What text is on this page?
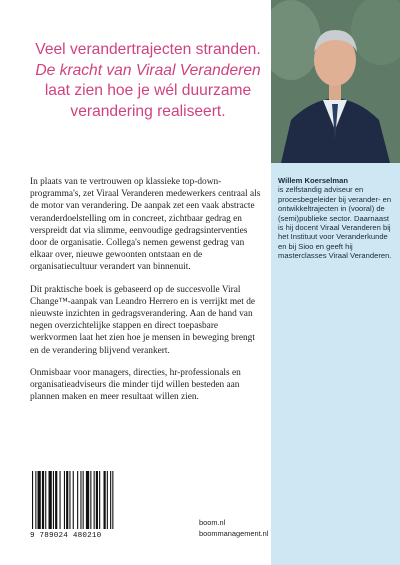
Veel verandertrajecten stranden. De kracht van Viraal Veranderen laat zien hoe je wél duurzame verandering realiseert.

In plaats van te vertrouwen op klassieke top-down-programma's, zet Viraal Veranderen medewerkers centraal als de motor van verandering. De aanpak zet een vaak abstracte veranderdoelstelling om in concreet, zichtbaar gedrag en verspreidt dat via slimme, eenvoudige gedragsinterventies door de organisatie. Collega's nemen gewenst gedrag van elkaar over, nieuwe gewoonten ontstaan en de organisatiecultuur verandert van binnenuit.

Dit praktische boek is gebaseerd op de succesvolle Viral Change™-aanpak van Leandro Herrero en is verrijkt met de nieuwste inzichten in gedragsverandering. Aan de hand van negen overzichtelijke stappen en direct toepasbare werkvormen laat het zien hoe je mensen in beweging brengt en de verandering blijvend verankert.

Onmisbaar voor managers, directies, hr-professionals en organisatieadviseurs die minder tijd willen besteden aan plannen maken en meer resultaat willen zien.

Willem Koerselman
is zelfstandig adviseur en procesbegeleider bij verander- en ontwikkeltrajecten in (vooral) de (semi)publieke sector. Daarnaast is hij docent Viraal Veranderen bij het Instituut voor Veranderkunde en bij Sioo en geeft hij masterclasses Viraal Veranderen.
9 789024 480210
boom.nl
boommanagement.nl
